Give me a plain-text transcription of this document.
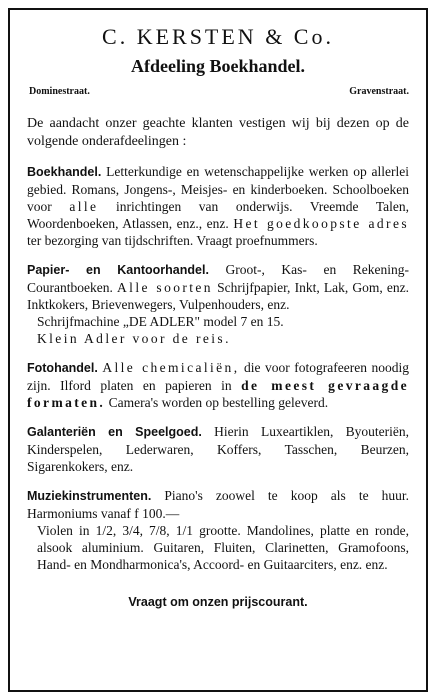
C. KERSTEN & Co.
Afdeeling Boekhandel.
Dominestraat.	Gravenstraat.
De aandacht onzer geachte klanten vestigen wij bij dezen op de volgende onderafdeelingen :

Boekhandel. Letterkundige en wetenschappelijke werken op allerlei gebied. Romans, Jongens-, Meisjes- en kinderboeken. Schoolboeken voor alle inrichtingen van onderwijs. Vreemde Talen, Woordenboeken, Atlassen, enz., enz. Het goedkoopste adres ter bezorging van tijdschriften. Vraagt proefnummers.

Papier- en Kantoorhandel. Groot-, Kas- en Rekening-Courantboeken. Alle soorten Schrijfpapier, Inkt, Lak, Gom, enz. Inktkokers, Brievenwegers, Vulpenhouders, enz.

Schrijfmachine „DE ADLER" model 7 en 15.

Klein Adler voor de reis.

Fotohandel. Alle chemicaliën, die voor fotografeeren noodig zijn. Ilford platen en papieren in de meest gevraagde formaten. Camera's worden op bestelling geleverd.

Galanteriën en Speelgoed. Hierin Luxeartiklen, Byouteriën, Kinderspelen, Lederwaren, Koffers, Tasschen, Beurzen, Sigarenkokers, enz.

Muziekinstrumenten. Piano's zoowel te koop als te huur. Harmoniums vanaf f 100.—

Violen in 1/2, 3/4, 7/8, 1/1 grootte. Mandolines, platte en ronde, alsook aluminium. Guitaren, Fluiten, Clarinetten, Gramofoons, Hand- en Mondharmonica's, Accoord- en Guitaarciters, enz. enz.

Vraagt om onzen prijscourant.
